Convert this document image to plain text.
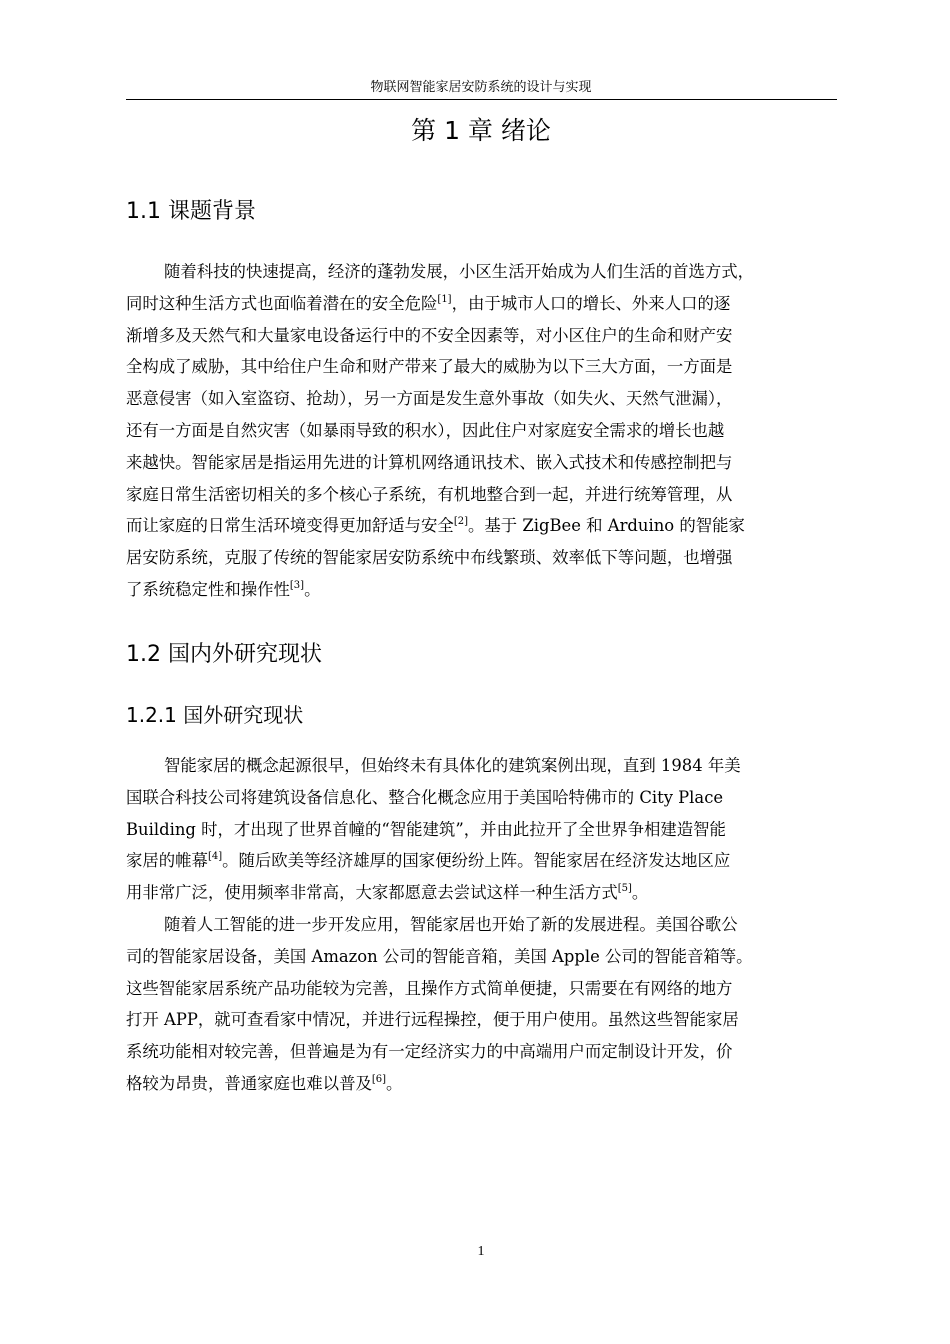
物联网智能家居安防系统的设计与实现
第 1 章 绪论
1.1 课题背景
随着科技的快速提高，经济的蓬勃发展，小区生活开始成为人们生活的首选方式，
同时这种生活方式也面临着潜在的安全危险[1]，由于城市人口的增长、外来人口的逐
渐增多及天然气和大量家电设备运行中的不安全因素等，对小区住户的生命和财产安
全构成了威胁，其中给住户生命和财产带来了最大的威胁为以下三大方面，一方面是
恶意侵害（如入室盗窃、抢劫），另一方面是发生意外事故（如失火、天然气泄漏），
还有一方面是自然灾害（如暴雨导致的积水），因此住户对家庭安全需求的增长也越
来越快。智能家居是指运用先进的计算机网络通讯技术、嵌入式技术和传感控制把与
家庭日常生活密切相关的多个核心子系统，有机地整合到一起，并进行统筹管理，从
而让家庭的日常生活环境变得更加舒适与安全[2]。基于 ZigBee 和 Arduino 的智能家
居安防系统，克服了传统的智能家居安防系统中布线繁琐、效率低下等问题，也增强
了系统稳定性和操作性[3]。
1.2 国内外研究现状
1.2.1 国外研究现状
智能家居的概念起源很早，但始终未有具体化的建筑案例出现，直到 1984 年美
国联合科技公司将建筑设备信息化、整合化概念应用于美国哈特佛市的 City Place
Building 时，才出现了世界首幢的“智能建筑”，并由此拉开了全世界争相建造智能
家居的帷幕[4]。随后欧美等经济雄厚的国家便纷纷上阵。智能家居在经济发达地区应
用非常广泛，使用频率非常高，大家都愿意去尝试这样一种生活方式[5]。
随着人工智能的进一步开发应用，智能家居也开始了新的发展进程。美国谷歌公
司的智能家居设备，美国 Amazon 公司的智能音箱，美国 Apple 公司的智能音箱等。
这些智能家居系统产品功能较为完善，且操作方式简单便捷，只需要在有网络的地方
打开 APP，就可查看家中情况，并进行远程操控，便于用户使用。虽然这些智能家居
系统功能相对较完善，但普遍是为有一定经济实力的中高端用户而定制设计开发，价
格较为昂贵，普通家庭也难以普及[6]。
1
